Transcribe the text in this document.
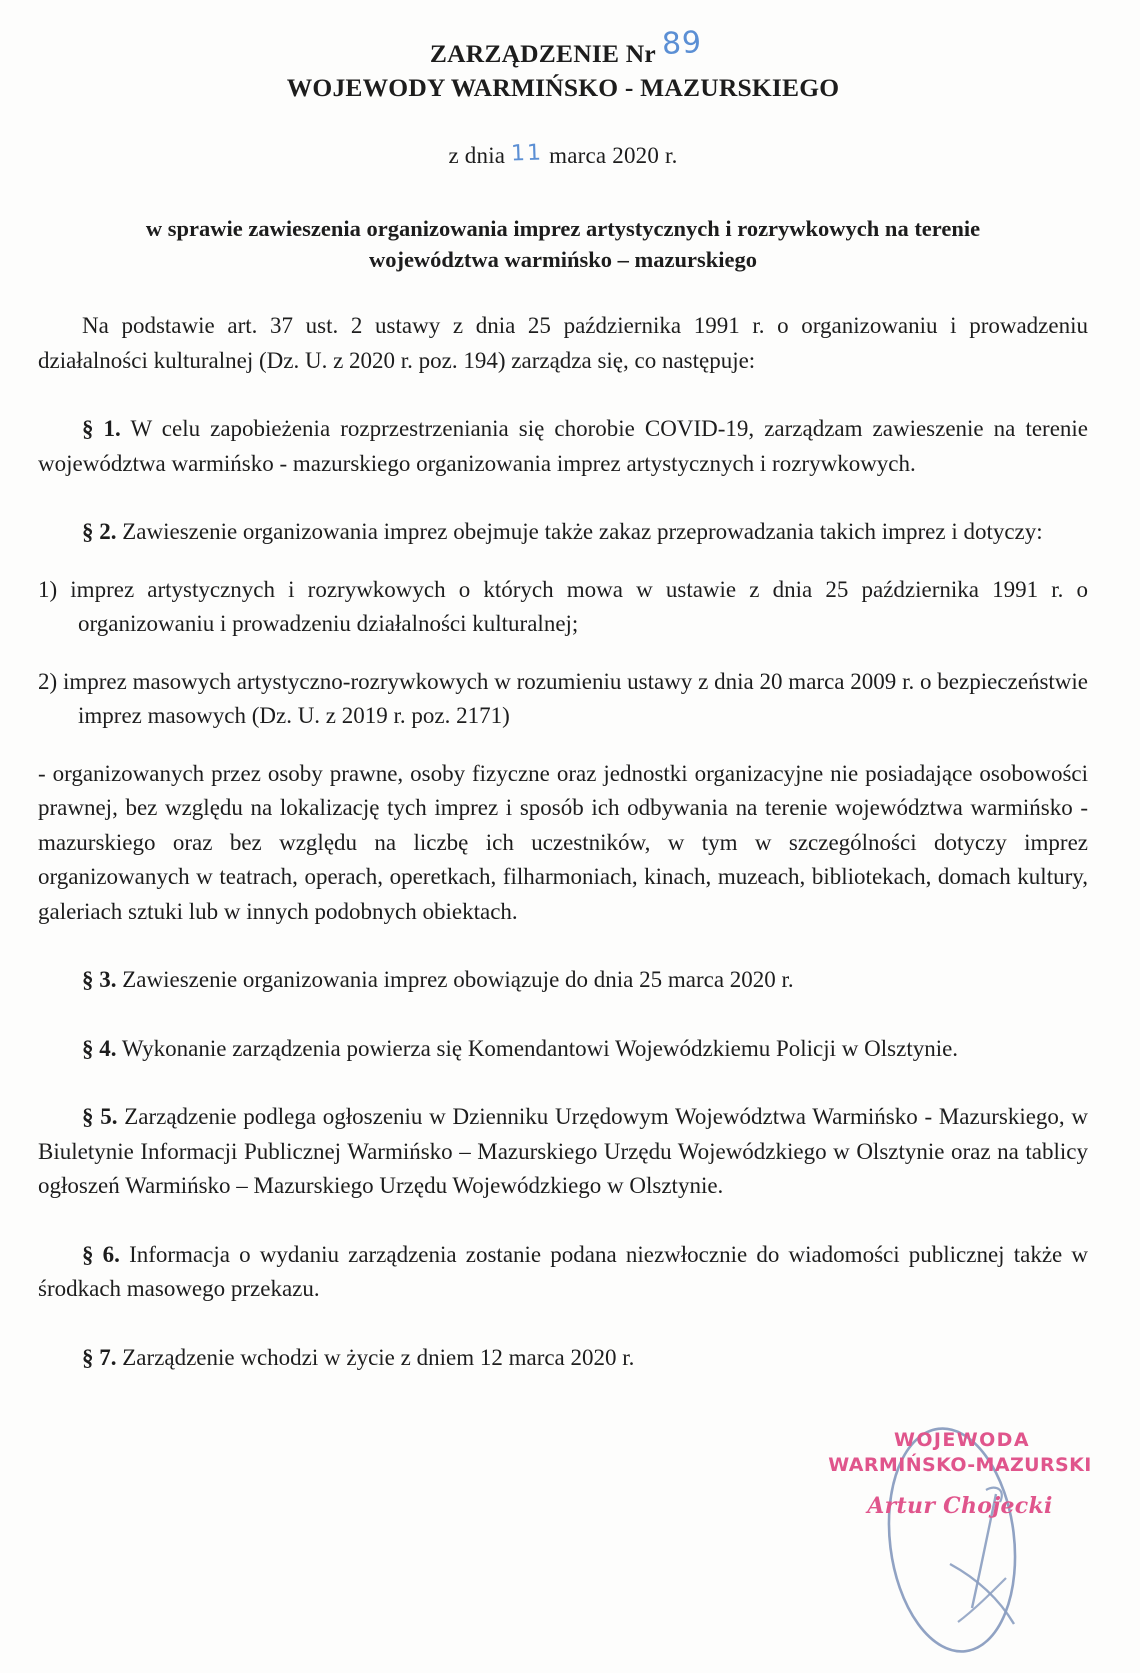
ZARZĄDZENIE Nr 89
WOJEWODY WARMIŃSKO - MAZURSKIEGO
z dnia 11 marca 2020 r.
w sprawie zawieszenia organizowania imprez artystycznych i rozrywkowych na terenie
województwa warmińsko – mazurskiego

Na podstawie art. 37 ust. 2 ustawy z dnia 25 października 1991 r. o organizowaniu i prowadzeniu działalności kulturalnej (Dz. U. z 2020 r. poz. 194) zarządza się, co następuje:

§ 1. W celu zapobieżenia rozprzestrzeniania się chorobie COVID-19, zarządzam zawieszenie na terenie województwa warmińsko - mazurskiego organizowania imprez artystycznych i rozrywkowych.

§ 2. Zawieszenie organizowania imprez obejmuje także zakaz przeprowadzania takich imprez i dotyczy:

1) imprez artystycznych i rozrywkowych o których mowa w ustawie z dnia 25 października 1991 r. o organizowaniu i prowadzeniu działalności kulturalnej;

2) imprez masowych artystyczno-rozrywkowych w rozumieniu ustawy z dnia 20 marca 2009 r. o bezpieczeństwie imprez masowych (Dz. U. z 2019 r. poz. 2171)

- organizowanych przez osoby prawne, osoby fizyczne oraz jednostki organizacyjne nie posiadające osobowości prawnej, bez względu na lokalizację tych imprez i sposób ich odbywania na terenie województwa warmińsko - mazurskiego oraz bez względu na liczbę ich uczestników, w tym w szczególności dotyczy imprez organizowanych w teatrach, operach, operetkach, filharmoniach, kinach, muzeach, bibliotekach, domach kultury, galeriach sztuki lub w innych podobnych obiektach.

§ 3. Zawieszenie organizowania imprez obowiązuje do dnia 25 marca 2020 r.

§ 4. Wykonanie zarządzenia powierza się Komendantowi Wojewódzkiemu Policji w Olsztynie.

§ 5. Zarządzenie podlega ogłoszeniu w Dzienniku Urzędowym Województwa Warmińsko - Mazurskiego, w Biuletynie Informacji Publicznej Warmińsko – Mazurskiego Urzędu Wojewódzkiego w Olsztynie oraz na tablicy ogłoszeń Warmińsko – Mazurskiego Urzędu Wojewódzkiego w Olsztynie.

§ 6. Informacja o wydaniu zarządzenia zostanie podana niezwłocznie do wiadomości publicznej także w środkach masowego przekazu.

§ 7. Zarządzenie wchodzi w życie z dniem 12 marca 2020 r.

WOJEWODA
WARMIŃSKO-MAZURSKI
Artur Chojecki
